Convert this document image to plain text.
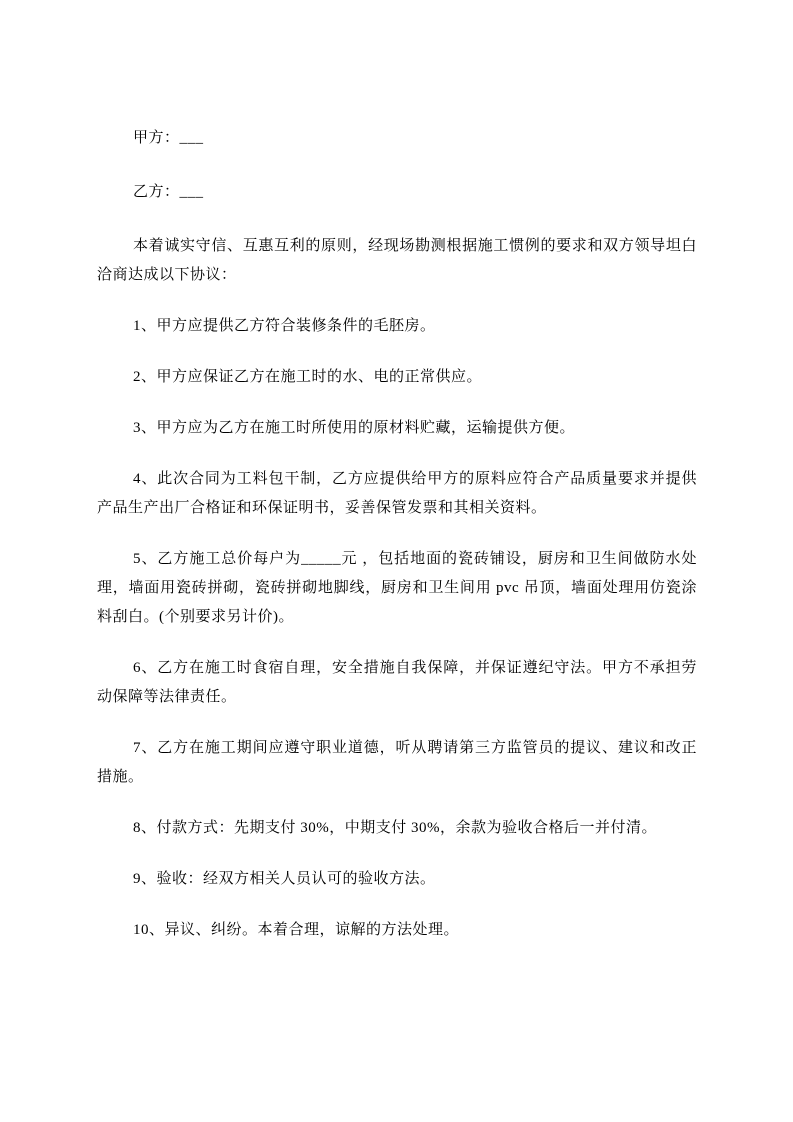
甲方：___

乙方：___

本着诚实守信、互惠互利的原则，经现场勘测根据施工惯例的要求和双方领导坦白洽商达成以下协议：

1、甲方应提供乙方符合装修条件的毛胚房。

2、甲方应保证乙方在施工时的水、电的正常供应。

3、甲方应为乙方在施工时所使用的原材料贮藏，运输提供方便。

4、此次合同为工料包干制，乙方应提供给甲方的原料应符合产品质量要求并提供产品生产出厂合格证和环保证明书，妥善保管发票和其相关资料。

5、乙方施工总价每户为_____元 ，包括地面的瓷砖铺设，厨房和卫生间做防水处理，墙面用瓷砖拼砌，瓷砖拼砌地脚线，厨房和卫生间用 pvc 吊顶，墙面处理用仿瓷涂料刮白。(个别要求另计价)。

6、乙方在施工时食宿自理，安全措施自我保障，并保证遵纪守法。甲方不承担劳动保障等法律责任。

7、乙方在施工期间应遵守职业道德，听从聘请第三方监管员的提议、建议和改正措施。

8、付款方式：先期支付 30%，中期支付 30%，余款为验收合格后一并付清。

9、验收：经双方相关人员认可的验收方法。

10、异议、纠纷。本着合理，谅解的方法处理。
